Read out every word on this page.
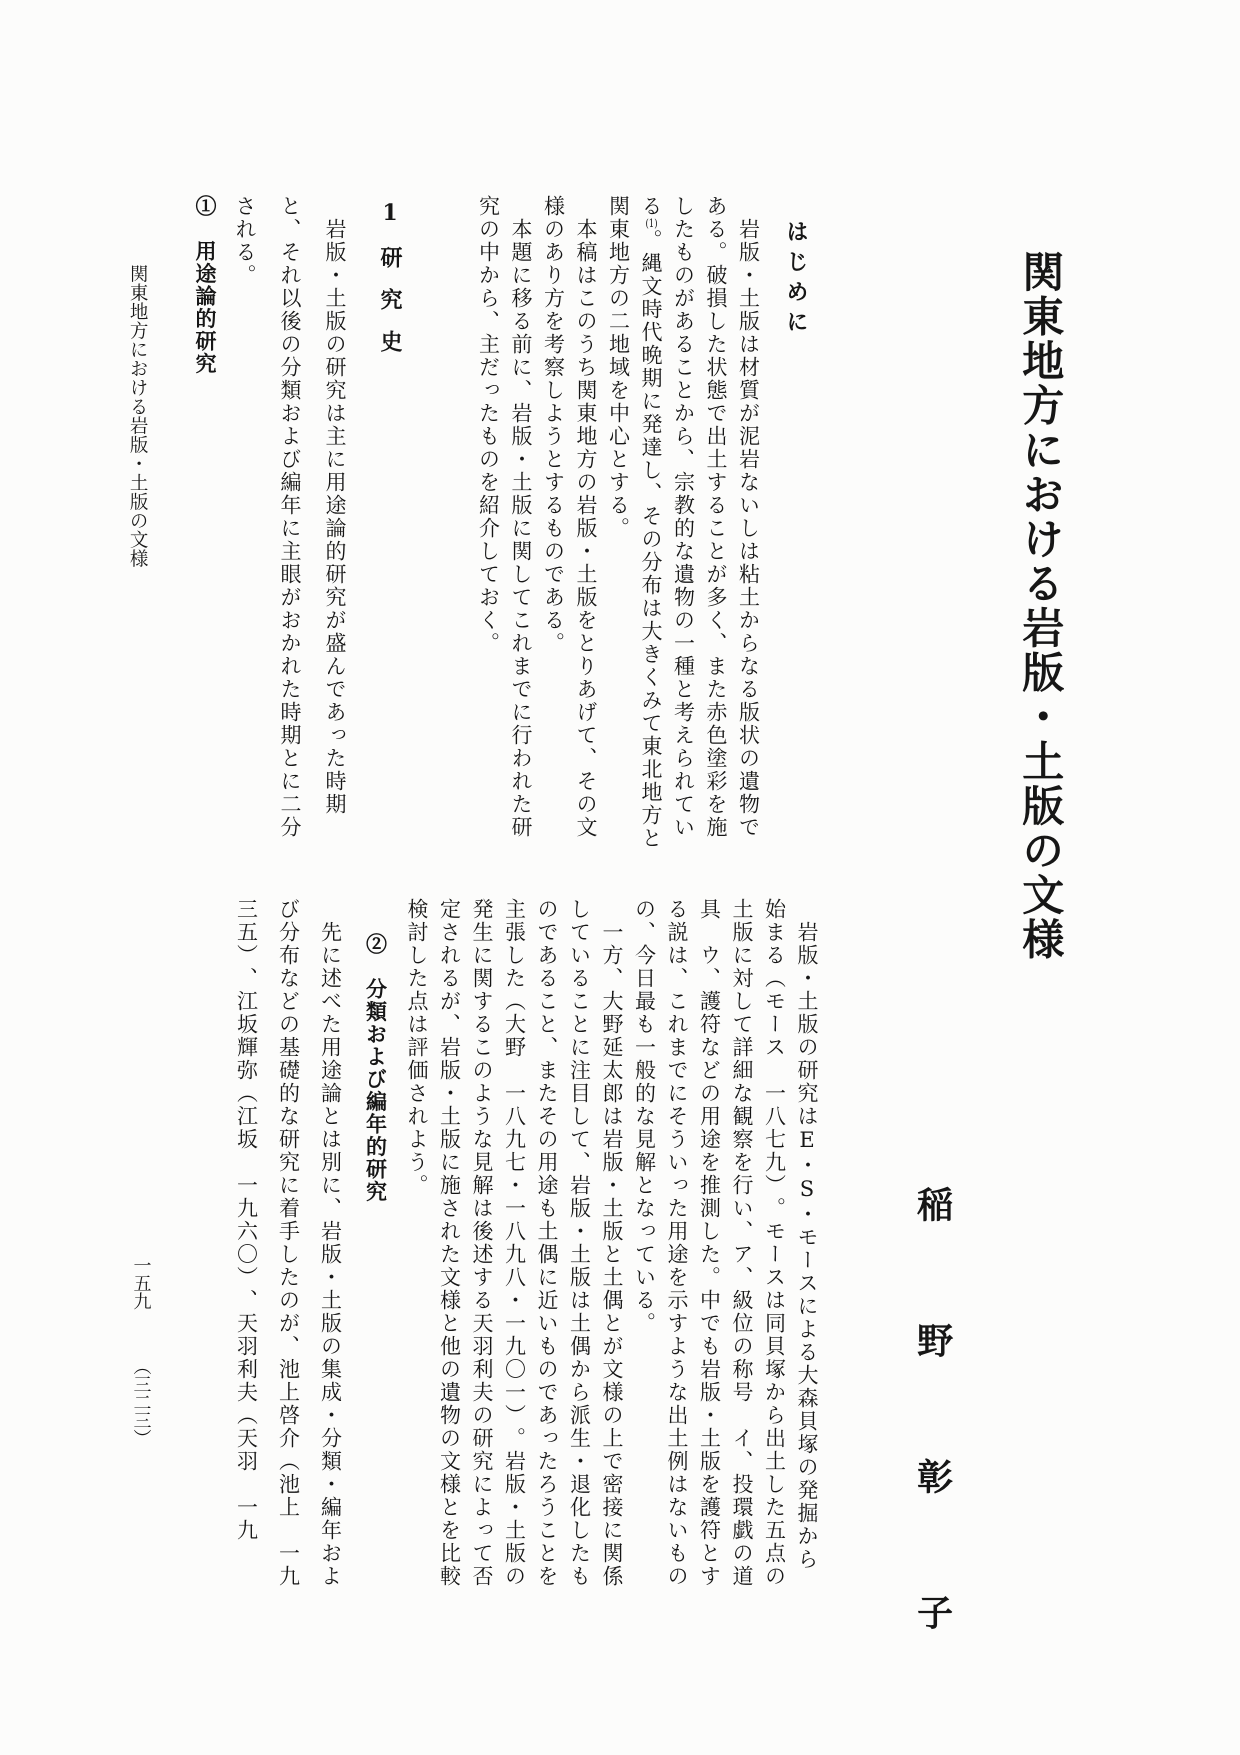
関東地方における岩版・土版の文様
稲野彰子
関東地方における岩版・土版の文様
一五九 ︵三二三︶
はじめに

岩版・土版は材質が泥岩ないしは粘土からなる版状の遺物である。破損した状態で出土することが多く、また赤色塗彩を施したものがあることから、宗教的な遺物の一種と考えられている(1)。縄文時代晩期に発達し、その分布は大きくみて東北地方と関東地方の二地域を中心とする。

本稿はこのうち関東地方の岩版・土版をとりあげて、その文様のあり方を考察しようとするものである。

本題に移る前に、岩版・土版に関してこれまでに行われた研究の中から、主だったものを紹介しておく。

1研究史

岩版・土版の研究は主に用途論的研究が盛んであった時期と、それ以後の分類および編年に主眼がおかれた時期とに二分される。

①　用途論的研究

岩版・土版の研究はE・S・モースによる大森貝塚の発掘から始まる︵モース　一八七九︶。モースは同貝塚から出土した五点の土版に対して詳細な観察を行い、ア、級位の称号　イ、投環戯の道具　ウ、護符などの用途を推測した。中でも岩版・土版を護符とする説は、これまでにそういった用途を示すような出土例はないものの、今日最も一般的な見解となっている。

一方、大野延太郎は岩版・土版と土偶とが文様の上で密接に関係していることに注目して、岩版・土版は土偶から派生・退化したものであること、またその用途も土偶に近いものであったろうことを主張した︵大野　一八九七・一八九八・一九〇一︶。岩版・土版の発生に関するこのような見解は後述する天羽利夫の研究によって否定されるが、岩版・土版に施された文様と他の遺物の文様とを比較検討した点は評価されよう。

②　分類および編年的研究

先に述べた用途論とは別に、岩版・土版の集成・分類・編年および分布などの基礎的な研究に着手したのが、池上啓介︵池上　一九三五︶、江坂輝弥︵江坂　一九六〇︶、天羽利夫︵天羽　一九
